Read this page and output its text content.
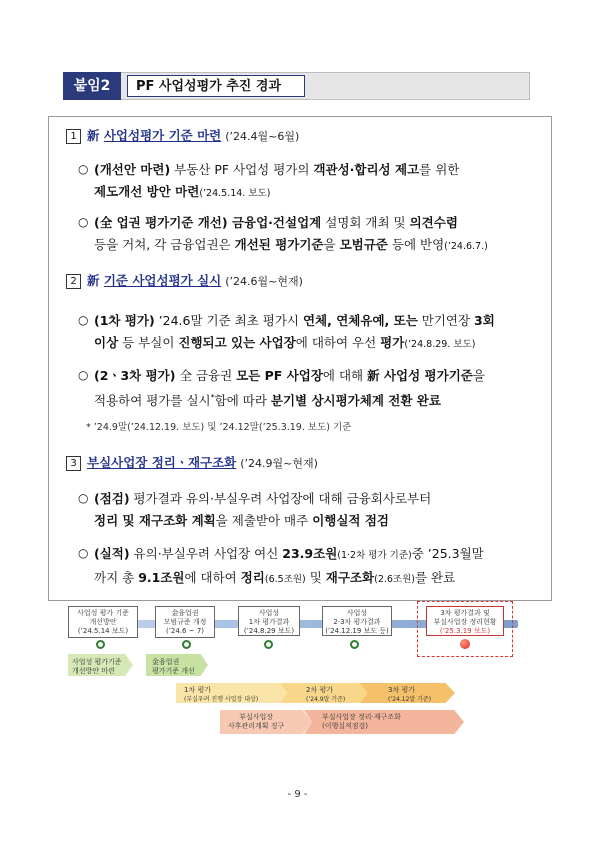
붙임2	PF 사업성평가 추진 경과
1 新 사업성평가 기준 마련 (’24.4월~6월)
○ (개선안 마련) 부동산 PF 사업성 평가의 객관성·합리성 제고를 위한
제도개선 방안 마련(’24.5.14. 보도)
○ (全 업권 평가기준 개선) 금융업·건설업계 설명회 개최 및 의견수렴
등을 거쳐, 각 금융업권은 개선된 평가기준을 모범규준 등에 반영(’24.6.7.)
2 新 기준 사업성평가 실시 (’24.6월~현재)
○ (1차 평가) ’24.6말 기준 최초 평가시 연체, 연체유예, 또는 만기연장 3회
이상 등 부실이 진행되고 있는 사업장에 대하여 우선 평가(’24.8.29. 보도)
○ (2ㆍ3차 평가) 全 금융권 모든 PF 사업장에 대해 新 사업성 평가기준을
적용하여 평가를 실시*함에 따라 분기별 상시평가체계 전환 완료
* ’24.9말(’24.12.19. 보도) 및 ’24.12말(’25.3.19. 보도) 기준
3 부실사업장 정리ㆍ재구조화 (’24.9월~현재)
○ (점검) 평가결과 유의·부실우려 사업장에 대해 금융회사로부터
정리 및 재구조화 계획을 제출받아 매주 이행실적 점검
○ (실적) 유의·부실우려 사업장 여신 23.9조원(1·2차 평가 기준)중 ’25.3월말
까지 총 9.1조원에 대하여 정리(6.5조원) 및 재구조화(2.6조원)를 완료
사업성 평가 기준
개선방안
(’24.5.14 보도)
金융업권
모범규준 개정
(’24.6 ~ 7)
사업성
1차 평가결과
(’24.8.29 보도)
사업성
2·3차 평가결과
(’24.12.19 보도 등)
3차 평가결과 및
부실사업장 정리현황
(’25.3.19 보도)
사업성 평가기준
개선방안 마련
金융업권
평가기준 개선
1차 평가
(부실우려 진행 사업장 대상)
2차 평가
(’24.9말 기준)
3차 평가
(’24.12말 기준)
부실사업장
사후관리계획 징구
부실사업장 정리·재구조화
(이행실적점검)
- 9 -
